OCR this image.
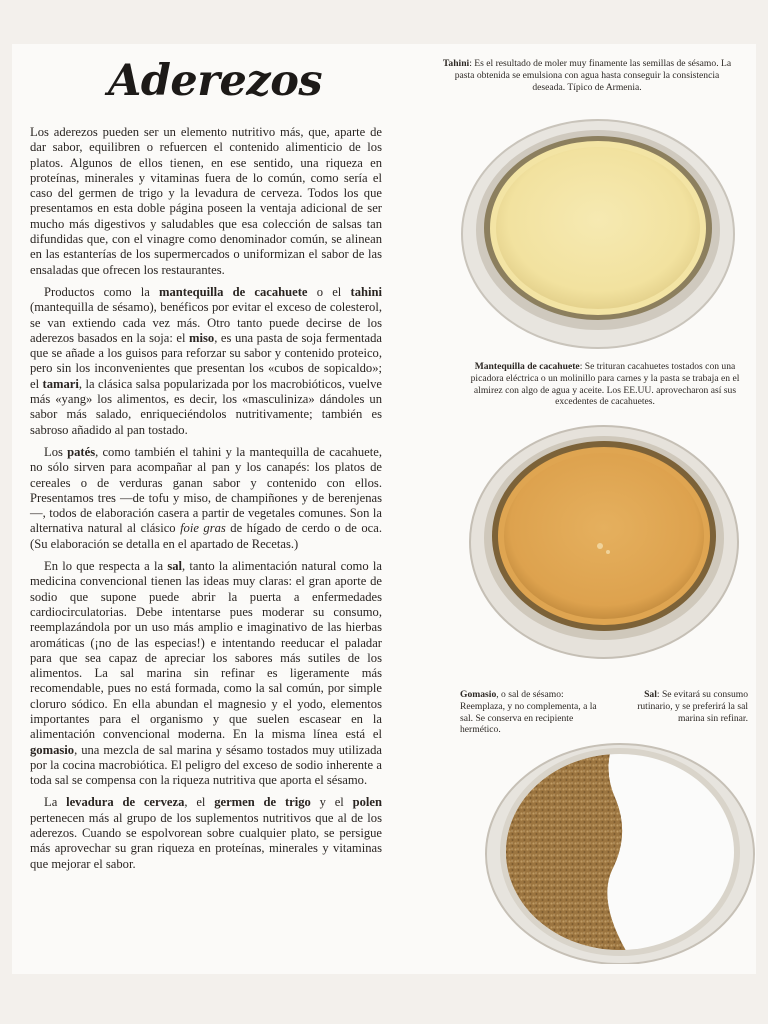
Aderezos

Los aderezos pueden ser un elemento nutritivo más, que, aparte de dar sabor, equilibren o refuercen el contenido alimenticio de los platos. Algunos de ellos tienen, en ese sentido, una riqueza en proteínas, minerales y vitaminas fuera de lo común, como sería el caso del germen de trigo y la levadura de cerveza. Todos los que presentamos en esta doble página poseen la ventaja adicional de ser mucho más digestivos y saludables que esa colección de salsas tan difundidas que, con el vinagre como denominador común, se alinean en las estanterías de los supermercados o uniformizan el sabor de las ensaladas que ofrecen los restaurantes.

Productos como la mantequilla de cacahuete o el tahini (mantequilla de sésamo), benéficos por evitar el exceso de colesterol, se van extiendo cada vez más. Otro tanto puede decirse de los aderezos basados en la soja: el miso, es una pasta de soja fermentada que se añade a los guisos para reforzar su sabor y contenido proteico, pero sin los inconvenientes que presentan los «cubos de sopicaldo»; el tamari, la clásica salsa popularizada por los macrobióticos, vuelve más «yang» los alimentos, es decir, los «masculiniza» dándoles un sabor más salado, enriqueciéndolos nutritivamente; también es sabroso añadido al pan tostado.

Los patés, como también el tahini y la mantequilla de cacahuete, no sólo sirven para acompañar al pan y los canapés: los platos de cereales o de verduras ganan sabor y contenido con ellos. Presentamos tres —de tofu y miso, de champiñones y de berenjenas—, todos de elaboración casera a partir de vegetales comunes. Son la alternativa natural al clásico foie gras de hígado de cerdo o de oca. (Su elaboración se detalla en el apartado de Recetas.)

En lo que respecta a la sal, tanto la alimentación natural como la medicina convencional tienen las ideas muy claras: el gran aporte de sodio que supone puede abrir la puerta a enfermedades cardiocirculatorias. Debe intentarse pues moderar su consumo, reemplazándola por un uso más amplio e imaginativo de las hierbas aromáticas (¡no de las especias!) e intentando reeducar el paladar para que sea capaz de apreciar los sabores más sutiles de los alimentos. La sal marina sin refinar es ligeramente más recomendable, pues no está formada, como la sal común, por simple cloruro sódico. En ella abundan el magnesio y el yodo, elementos importantes para el organismo y que suelen escasear en la alimentación convencional moderna. En la misma línea está el gomasio, una mezcla de sal marina y sésamo tostados muy utilizada por la cocina macrobiótica. El peligro del exceso de sodio inherente a toda sal se compensa con la riqueza nutritiva que aporta el sésamo.

La levadura de cerveza, el germen de trigo y el polen pertenecen más al grupo de los suplementos nutritivos que al de los aderezos. Cuando se espolvorean sobre cualquier plato, se persigue más aprovechar su gran riqueza en proteínas, minerales y vitaminas que mejorar el sabor.

Tahini: Es el resultado de moler muy finamente las semillas de sésamo. La pasta obtenida se emulsiona con agua hasta conseguir la consistencia deseada. Típico de Armenia.
Mantequilla de cacahuete: Se trituran cacahuetes tostados con una picadora eléctrica o un molinillo para carnes y la pasta se trabaja en el almirez con algo de agua y aceite. Los EE.UU. aprovecharon así sus excedentes de cacahuetes.
Gomasio, o sal de sésamo: Reemplaza, y no complementa, a la sal. Se conserva en recipiente hermético.
Sal: Se evitará su consumo rutinario, y se preferirá la sal marina sin refinar.
